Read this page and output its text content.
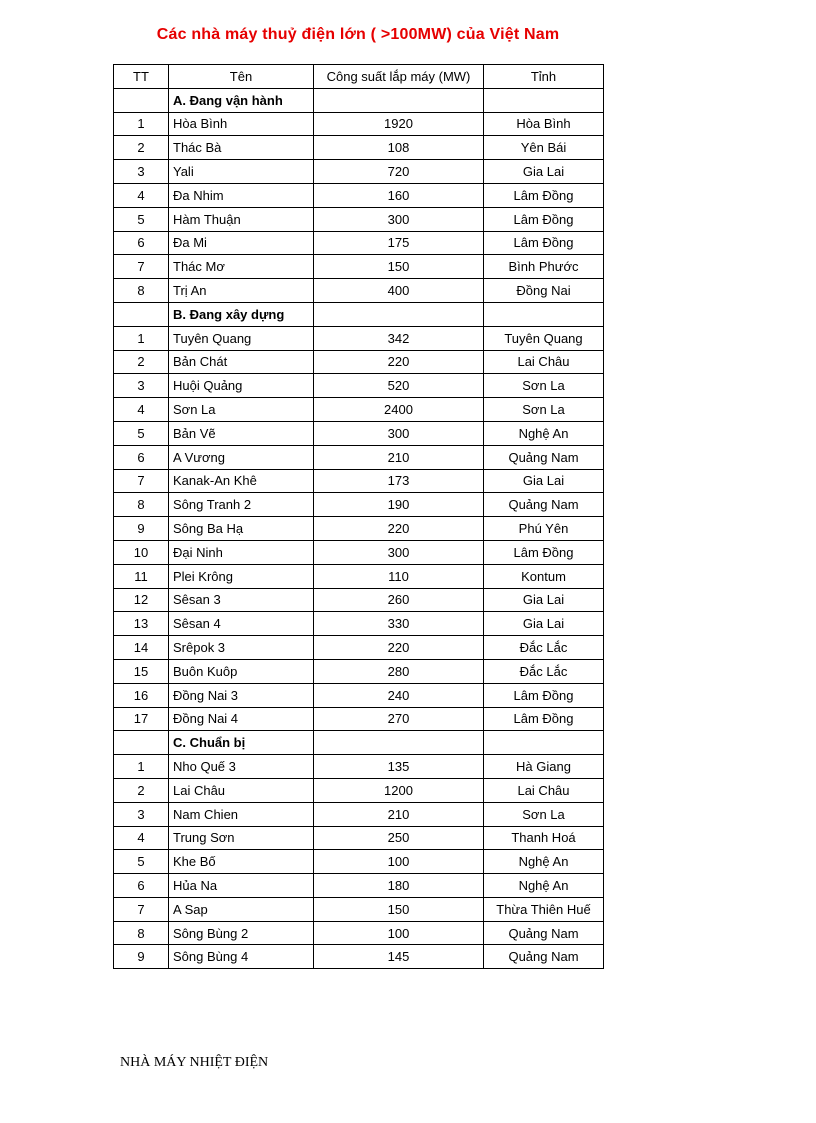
Các nhà máy thuỷ điện lớn ( >100MW) của Việt Nam
TT	Tên	Công suất lắp máy (MW)	Tỉnh
	A. Đang vận hành		
1	Hòa Bình	1920	Hòa Bình
2	Thác Bà	108	Yên Bái
3	Yali	720	Gia Lai
4	Đa Nhim	160	Lâm Đồng
5	Hàm Thuận	300	Lâm Đồng
6	Đa Mi	175	Lâm Đồng
7	Thác Mơ	150	Bình Phước
8	Trị An	400	Đồng Nai
	B. Đang xây dựng		
1	Tuyên Quang	342	Tuyên Quang
2	Bản Chát	220	Lai Châu
3	Huội Quảng	520	Sơn La
4	Sơn La	2400	Sơn La
5	Bản Vẽ	300	Nghệ An
6	A Vương	210	Quảng Nam
7	Kanak-An Khê	173	Gia Lai
8	Sông Tranh 2	190	Quảng Nam
9	Sông Ba Hạ	220	Phú Yên
10	Đại Ninh	300	Lâm Đồng
11	Plei Krông	110	Kontum
12	Sêsan 3	260	Gia Lai
13	Sêsan 4	330	Gia Lai
14	Srêpok 3	220	Đắc Lắc
15	Buôn Kuôp	280	Đắc Lắc
16	Đồng Nai 3	240	Lâm Đồng
17	Đồng Nai 4	270	Lâm Đồng
	C. Chuẩn bị		
1	Nho Quế 3	135	Hà Giang
2	Lai Châu	1200	Lai Châu
3	Nam Chien	210	Sơn La
4	Trung Sơn	250	Thanh Hoá
5	Khe Bố	100	Nghệ An
6	Hủa Na	180	Nghệ An
7	A Sap	150	Thừa Thiên Huế
8	Sông Bùng 2	100	Quảng Nam
9	Sông Bùng 4	145	Quảng Nam
NHÀ MÁY NHIỆT ĐIỆN
